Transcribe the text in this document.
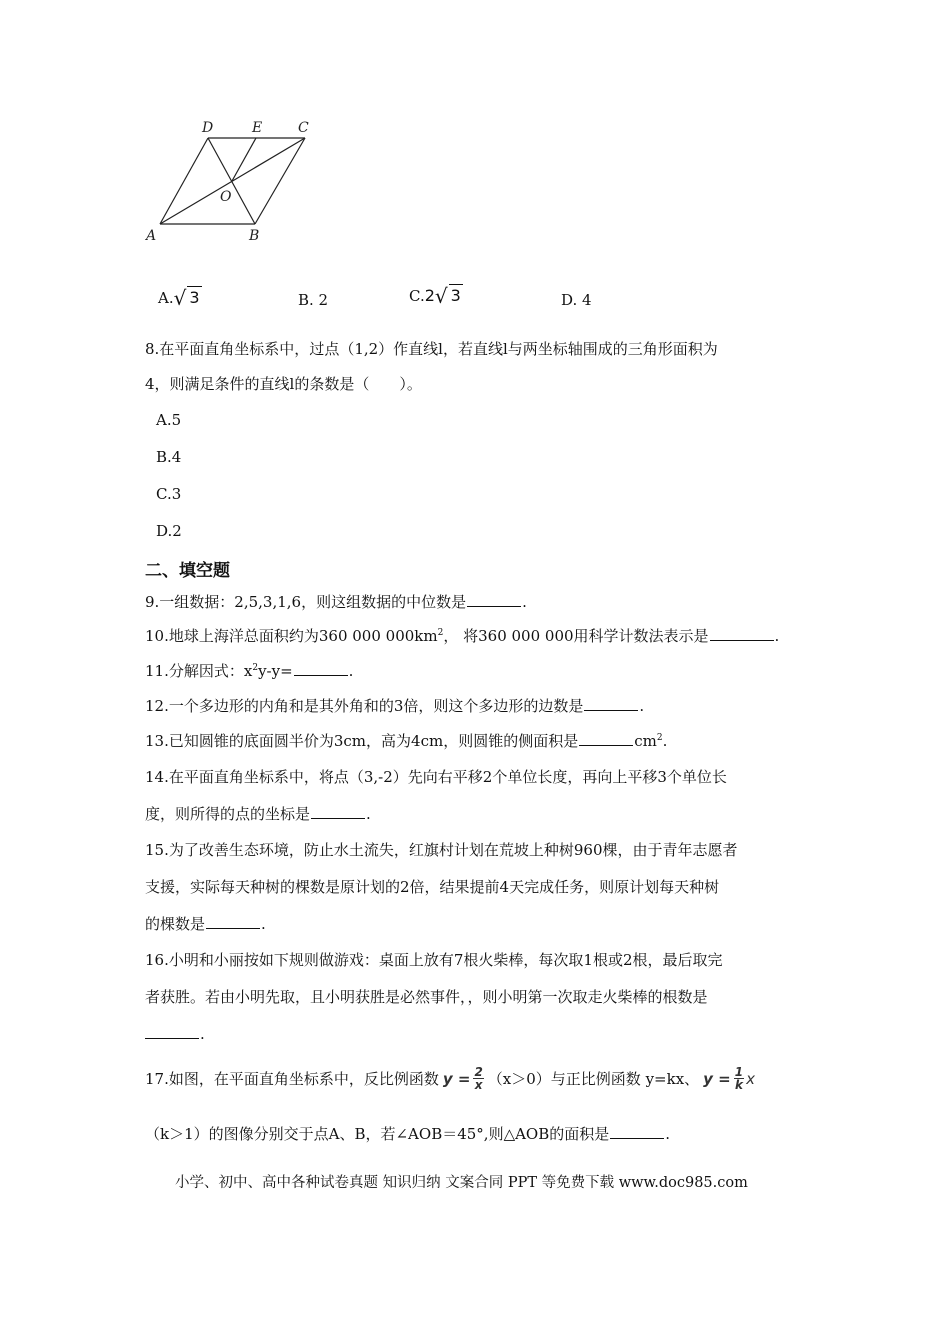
D	E	C
O
A	B
A.√ 3	B. 2	C.2√ 3	D. 4
8.在平面直角坐标系中，过点（1,2）作直线l，若直线l与两坐标轴围成的三角形面积为
4，则满足条件的直线l的条数是（　　）。
A.5
B.4
C.3
D.2
二、填空题
9.一组数据：2,5,3,1,6，则这组数据的中位数是	.
10.地球上海洋总面积约为360 000 $000km^2$， 将360 000 000用科学计数法表示是	.
11.分解因式：$x^2y-y=$	.
12.一个多边形的内角和是其外角和的3倍，则这个多边形的边数是	.
13.已知圆锥的底面圆半价为3cm，高为4cm，则圆锥的侧面积是	$cm^2$.
14.在平面直角坐标系中，将点（3,-2）先向右平移2个单位长度，再向上平移3个单位长
度，则所得的点的坐标是	.
15.为了改善生态环境，防止水土流失，红旗村计划在荒坡上种树960棵，由于青年志愿者
支援，实际每天种树的棵数是原计划的2倍，结果提前4天完成任务，则原计划每天种树
的棵数是	.
16.小明和小丽按如下规则做游戏：桌面上放有7根火柴棒，每次取1根或2根，最后取完
者获胜。若由小明先取，且小明获胜是必然事件，，则小明第一次取走火柴棒的根数是
.
17.如图，在平面直角坐标系中，反比例函数 $y = \frac{2}{x} (x>0)$与正比例函数 y=kx、 $y = \frac{1}{k}$ x
（k＞1）的图像分别交于点A、B，若∠AOB＝45°,则△AOB的面积是	.
小学、初中、高中各种试卷真题 知识归纳 文案合同 PPT 等免费下载 www.doc985.com
